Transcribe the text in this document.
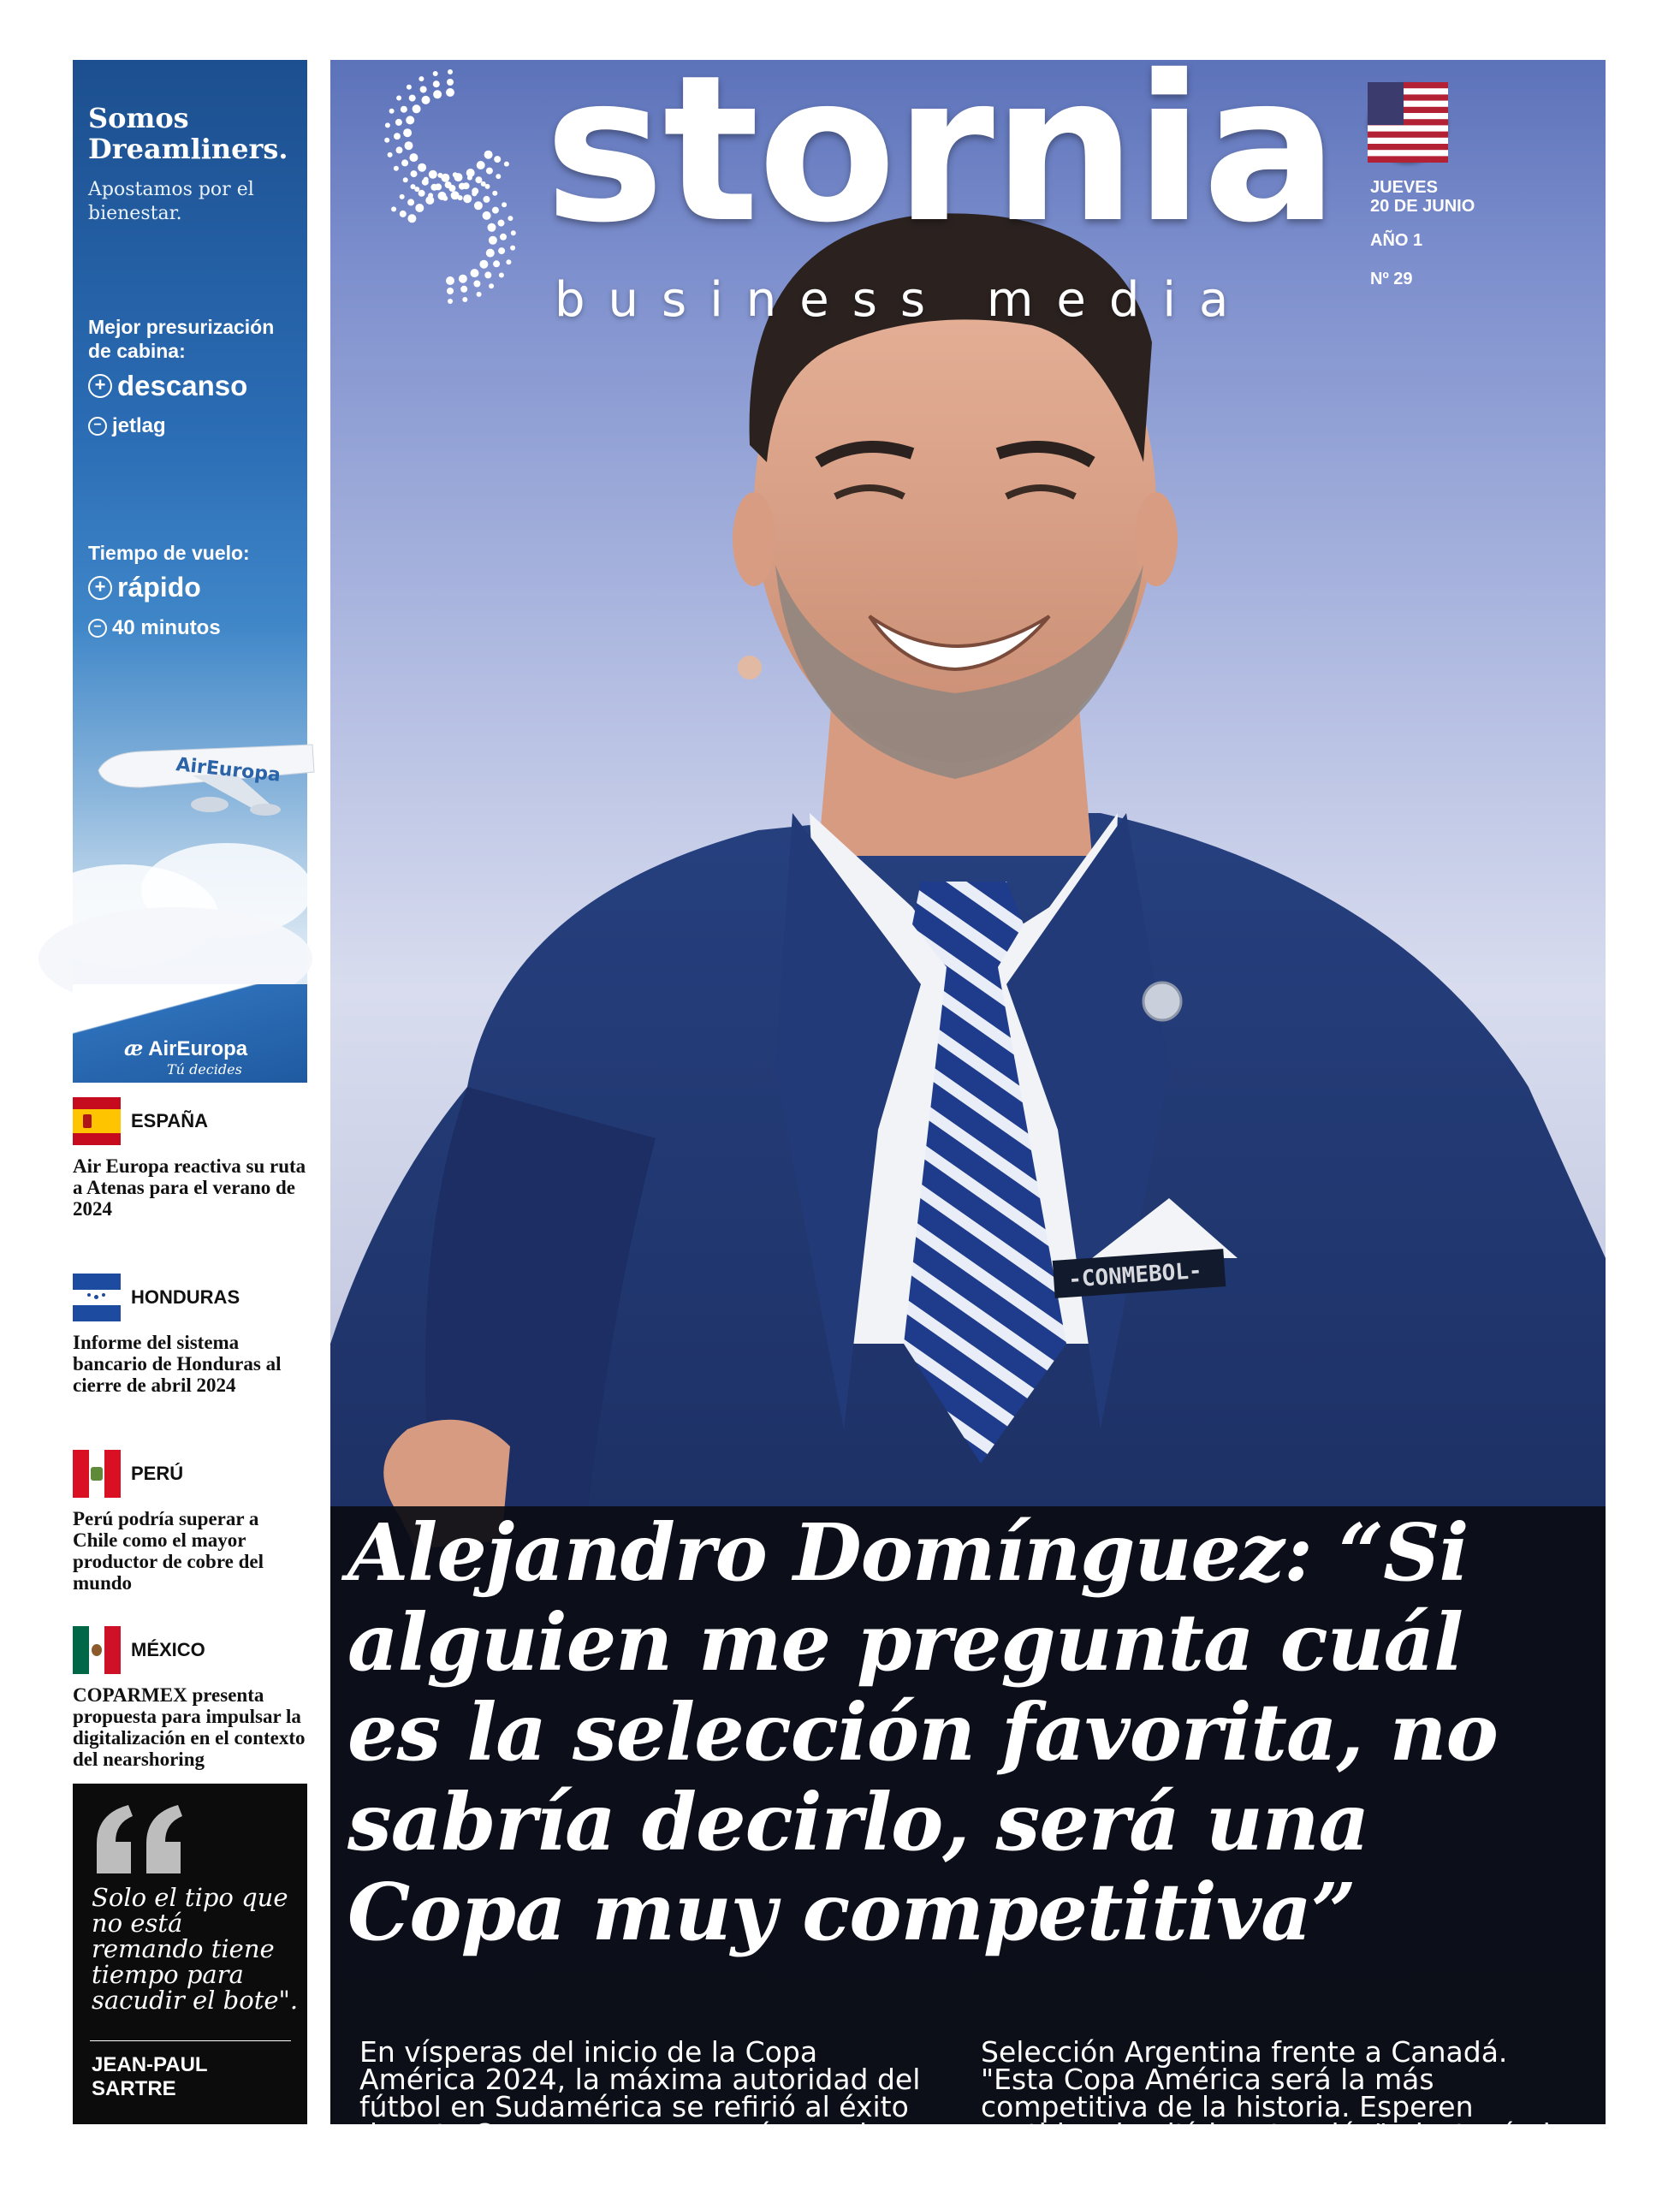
Somos Dreamliners.
Apostamos por el bienestar.
Mejor presurización de cabina:
+ descanso
− jetlag
Tiempo de vuelo:
+ rápido
− 40 minutos
AirEuropa
æ AirEuropa
Tú decides
ESPAÑA
Air Europa reactiva su ruta a Atenas para el verano de 2024
HONDURAS
Informe del sistema bancario de Honduras al cierre de abril 2024
PERÚ
Perú podría superar a Chile como el mayor productor de cobre del mundo
MÉXICO
COPARMEX presenta propuesta para impulsar la digitalización en el contexto del nearshoring
Solo el tipo que no está remando tiene tiempo para sacudir el bote".
JEAN-PAUL SARTRE
-CONMEBOL-
stornia
business media
JUEVES
20 DE JUNIO
AÑO 1
Nº 29
Alejandro Domínguez: “Si alguien me pregunta cuál es la selección favorita, no sabría decirlo, será una Copa muy competitiva”
En vísperas del inicio de la Copa América 2024, la máxima autoridad del fútbol en Sudamérica se refirió al éxito de esta Copa que comenzará con el debut de la
Selección Argentina frente a Canadá. "Esta Copa América será la más competitiva de la historia. Esperen partidos de altísima tensión", destacó el presidente de la Conmebol.
